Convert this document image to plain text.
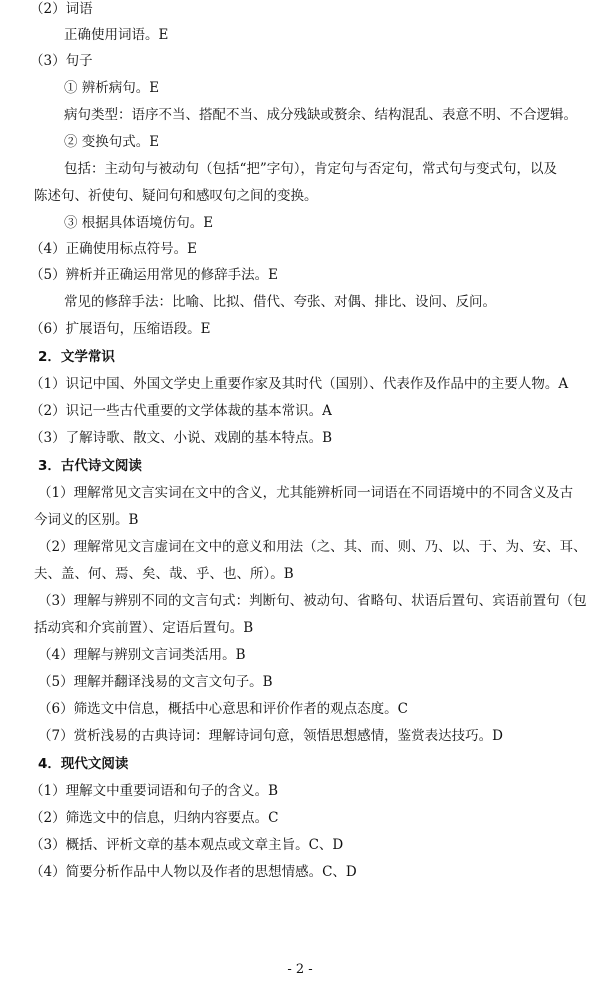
（2）词语
正确使用词语。E
（3）句子
① 辨析病句。E
病句类型：语序不当、搭配不当、成分残缺或赘余、结构混乱、表意不明、不合逻辑。
② 变换句式。E
包括：主动句与被动句（包括“把”字句），肯定句与否定句，常式句与变式句，以及
陈述句、祈使句、疑问句和感叹句之间的变换。
③ 根据具体语境仿句。E
（4）正确使用标点符号。E
（5）辨析并正确运用常见的修辞手法。E
常见的修辞手法：比喻、比拟、借代、夸张、对偶、排比、设问、反问。
（6）扩展语句，压缩语段。E
2．文学常识
（1）识记中国、外国文学史上重要作家及其时代（国别）、代表作及作品中的主要人物。A
（2）识记一些古代重要的文学体裁的基本常识。A
（3）了解诗歌、散文、小说、戏剧的基本特点。B
3．古代诗文阅读
（1）理解常见文言实词在文中的含义，尤其能辨析同一词语在不同语境中的不同含义及古
今词义的区别。B
（2）理解常见文言虚词在文中的意义和用法（之、其、而、则、乃、以、于、为、安、耳、
夫、盖、何、焉、矣、哉、乎、也、所）。B
（3）理解与辨别不同的文言句式：判断句、被动句、省略句、状语后置句、宾语前置句（包
括动宾和介宾前置）、定语后置句。B
（4）理解与辨别文言词类活用。B
（5）理解并翻译浅易的文言文句子。B
（6）筛选文中信息，概括中心意思和评价作者的观点态度。C
（7）赏析浅易的古典诗词：理解诗词句意，领悟思想感情，鉴赏表达技巧。D
4．现代文阅读
（1）理解文中重要词语和句子的含义。B
（2）筛选文中的信息，归纳内容要点。C
（3）概括、评析文章的基本观点或文章主旨。C、D
（4）简要分析作品中人物以及作者的思想情感。C、D
- 2 -
